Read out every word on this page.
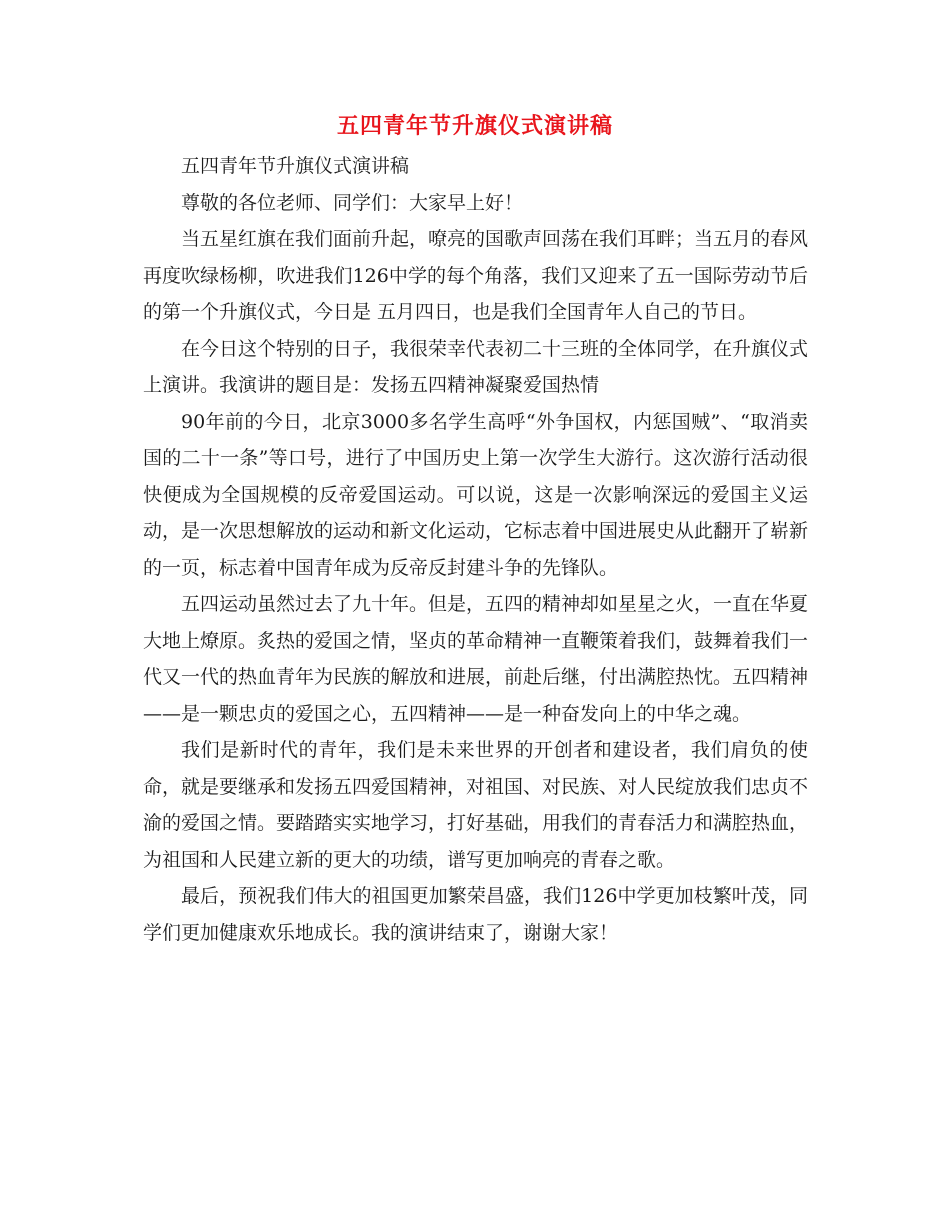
五四青年节升旗仪式演讲稿

五四青年节升旗仪式演讲稿

尊敬的各位老师、同学们：大家早上好！

当五星红旗在我们面前升起，嘹亮的国歌声回荡在我们耳畔；当五月的春风再度吹绿杨柳，吹进我们126中学的每个角落，我们又迎来了五一国际劳动节后的第一个升旗仪式，今日是 五月四日，也是我们全国青年人自己的节日。

在今日这个特别的日子，我很荣幸代表初二十三班的全体同学，在升旗仪式上演讲。我演讲的题目是：发扬五四精神凝聚爱国热情

90年前的今日，北京3000多名学生高呼“外争国权，内惩国贼”、“取消卖国的二十一条”等口号，进行了中国历史上第一次学生大游行。这次游行活动很快便成为全国规模的反帝爱国运动。可以说，这是一次影响深远的爱国主义运动，是一次思想解放的运动和新文化运动，它标志着中国进展史从此翻开了崭新的一页，标志着中国青年成为反帝反封建斗争的先锋队。

五四运动虽然过去了九十年。但是，五四的精神却如星星之火，一直在华夏大地上燎原。炙热的爱国之情，坚贞的革命精神一直鞭策着我们，鼓舞着我们一代又一代的热血青年为民族的解放和进展，前赴后继，付出满腔热忱。五四精神——是一颗忠贞的爱国之心，五四精神——是一种奋发向上的中华之魂。

我们是新时代的青年，我们是未来世界的开创者和建设者，我们肩负的使命，就是要继承和发扬五四爱国精神，对祖国、对民族、对人民绽放我们忠贞不渝的爱国之情。要踏踏实实地学习，打好基础，用我们的青春活力和满腔热血，为祖国和人民建立新的更大的功绩，谱写更加响亮的青春之歌。

最后，预祝我们伟大的祖国更加繁荣昌盛，我们126中学更加枝繁叶茂，同学们更加健康欢乐地成长。我的演讲结束了，谢谢大家！
